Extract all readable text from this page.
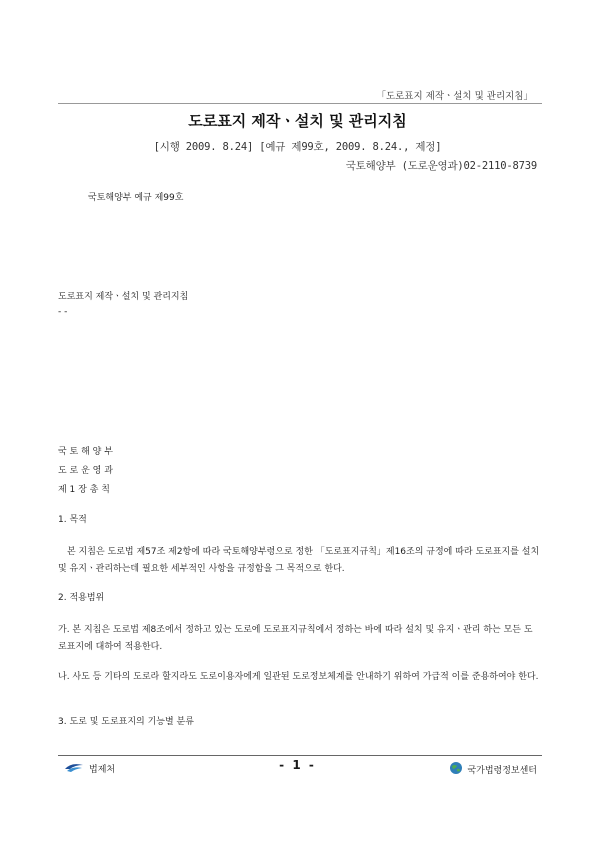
「도로표지 제작ㆍ설치 및 관리지침」
도로표지 제작ㆍ설치 및 관리지침
[시행 2009. 8.24] [예규 제99호, 2009. 8.24., 제정]
국토해양부 (도로운영과)02-2110-8739
국토해양부 예규 제99호
도로표지 제작ㆍ설치 및 관리지침
- -
국 토 해 양 부
도 로 운 영 과
제 1 장 총 칙
1. 목적
　본 지침은 도로법 제57조 제2항에 따라 국토해양부령으로 정한 「도로표지규칙」제16조의 규정에 따라 도로표지를 설치 및 유지ㆍ관리하는데 필요한 세부적인 사항을 규정함을 그 목적으로 한다.
2. 적용범위
가. 본 지침은 도로법 제8조에서 정하고 있는 도로에 도로표지규칙에서 정하는 바에 따라 설치 및 유지ㆍ관리 하는 모든 도로표지에 대하여 적용한다.
나. 사도 등 기타의 도로라 할지라도 도로이용자에게 일관된 도로정보체계를 안내하기 위하여 가급적 이를 준용하여야 한다.
3. 도로 및 도로표지의 기능별 분류
법제처	- 1 -	국가법령정보센터
